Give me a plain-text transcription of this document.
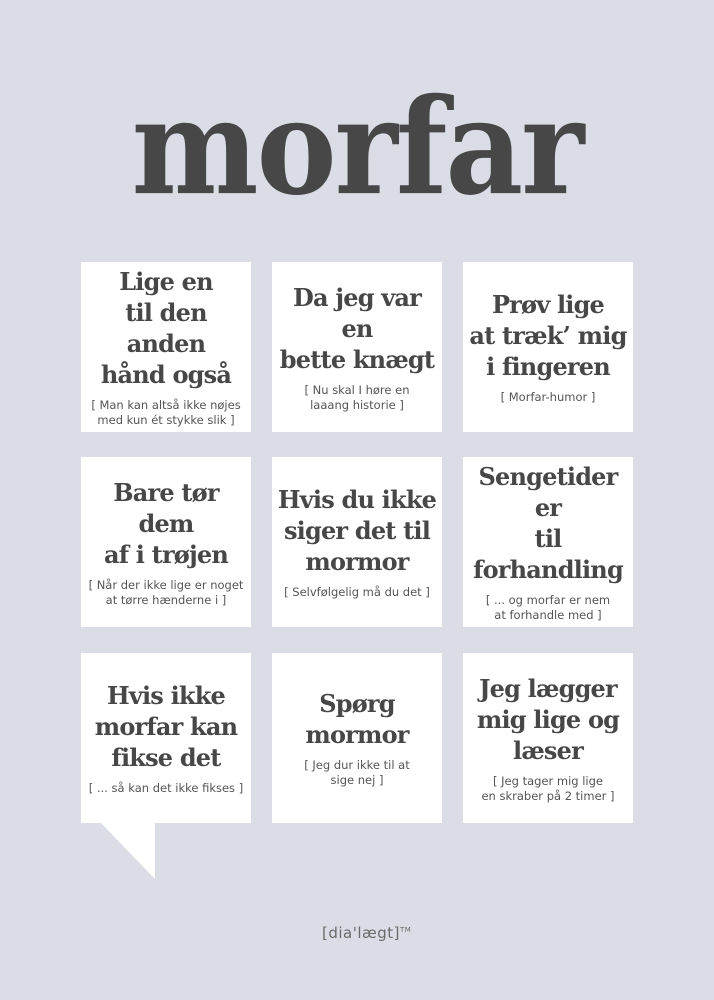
morfar
Lige en
til den anden
hånd også
[ Man kan altså ikke nøjes
med kun ét stykke slik ]
Da jeg var en
bette knægt
[ Nu skal I høre en
laaang historie ]
Prøv lige
at træk’ mig
i fingeren
[ Morfar-humor ]
Bare tør dem
af i trøjen
[ Når der ikke lige er noget
at tørre hænderne i ]
Hvis du ikke
siger det til
mormor
[ Selvfølgelig må du det ]
Sengetider er
til forhandling
[ ... og morfar er nem
at forhandle med ]
Hvis ikke
morfar kan
fikse det
[ ... så kan det ikke fikses ]
Spørg
mormor
[ Jeg dur ikke til at
sige nej ]
Jeg lægger
mig lige og
læser
[ Jeg tager mig lige
en skraber på 2 timer ]
[dia'lægt]™
